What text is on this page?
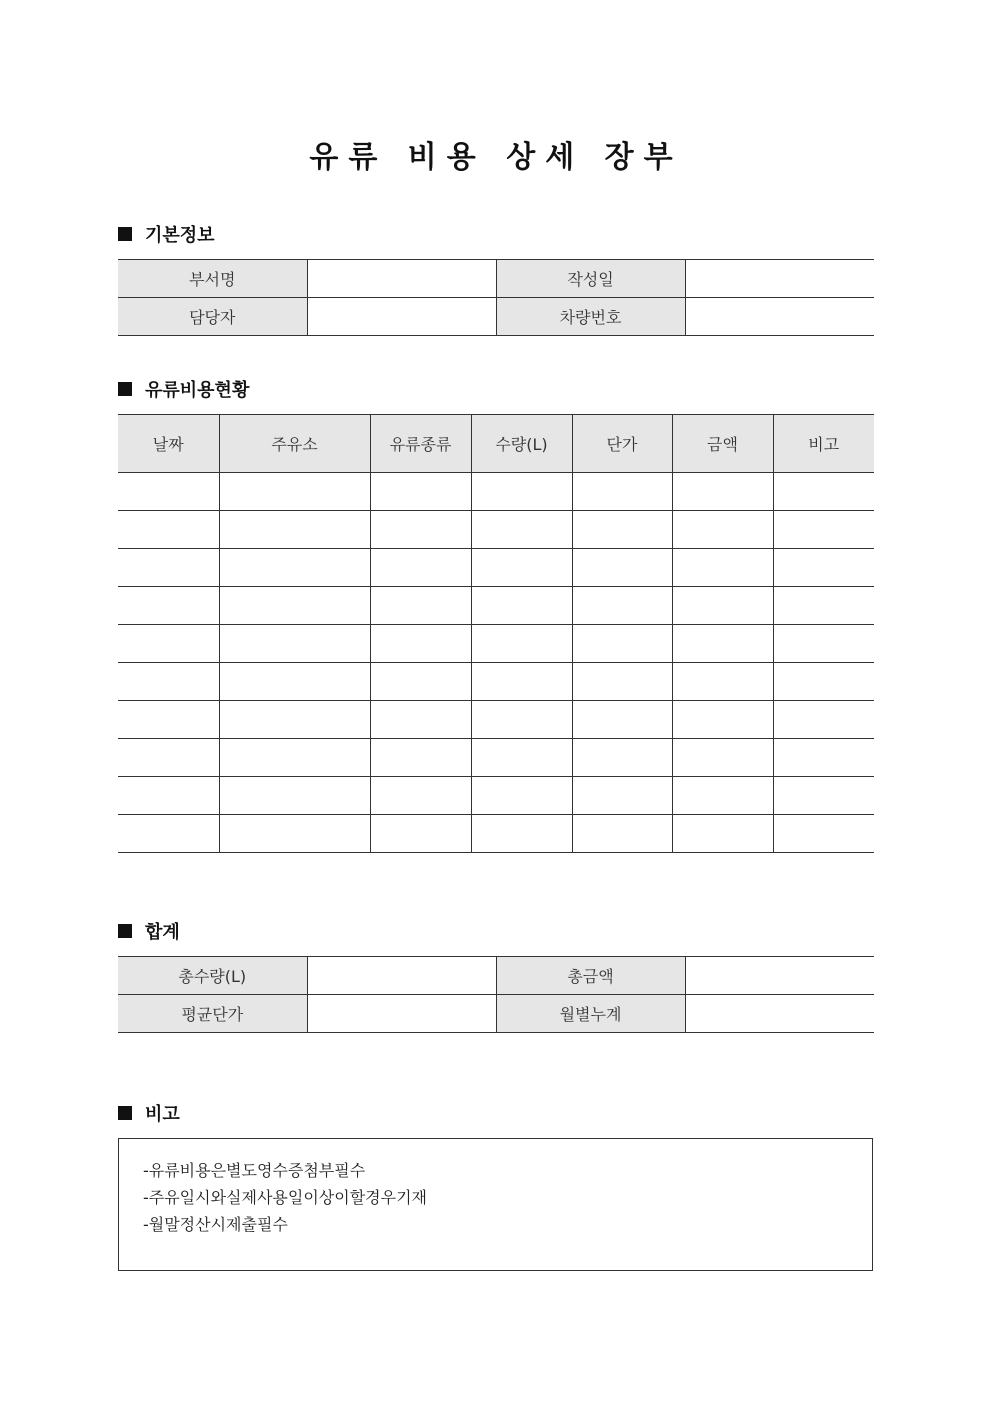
유류 비용 상세 장부
기본정보
부서명		작성일	
담당자		차량번호	
유류비용현황
날짜	주유소	유류종류	수량(L)	단가	금액	비고

합계
총수량(L)		총금액	
평균단가		월별누계	
비고
-유류비용은별도영수증첨부필수
-주유일시와실제사용일이상이할경우기재
-월말정산시제출필수
